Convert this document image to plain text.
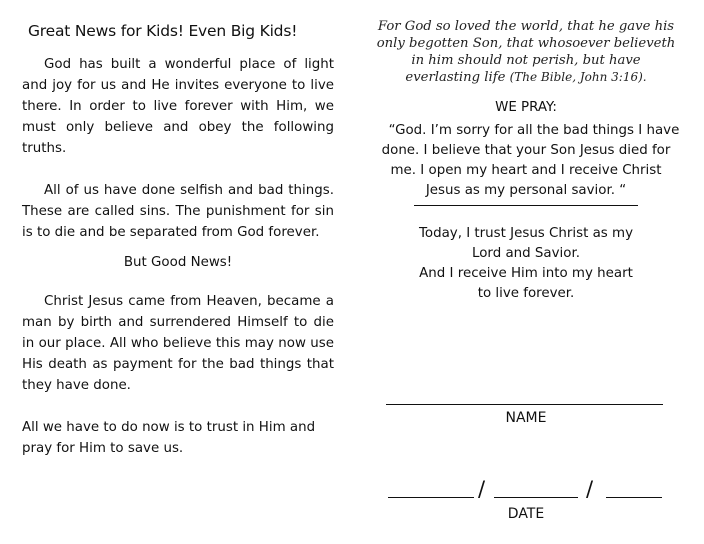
Great News for Kids! Even Big Kids!

God has built a wonderful place of light and joy for us and He invites everyone to live there. In order to live forever with Him, we must only believe and obey the following truths.

All of us have done selfish and bad things. These are called sins. The punishment for sin is to die and be separated from God forever.

But Good News!

Christ Jesus came from Heaven, became a man by birth and surrendered Himself to die in our place. All who believe this may now use His death as payment for the bad things that they have done.

All we have to do now is to trust in Him and pray for Him to save us.

For God so loved the world, that he gave his only begotten Son, that whosoever believeth in him should not perish, but have everlasting life (The Bible, John 3:16).
WE PRAY:
“God. I’m sorry for all the bad things I have done. I believe that your Son Jesus died for me. I open my heart and I receive Christ Jesus as my personal savior. “
Today, I trust Jesus Christ as my
Lord and Savior.
And I receive Him into my heart
to live forever.
NAME
/	/
DATE
